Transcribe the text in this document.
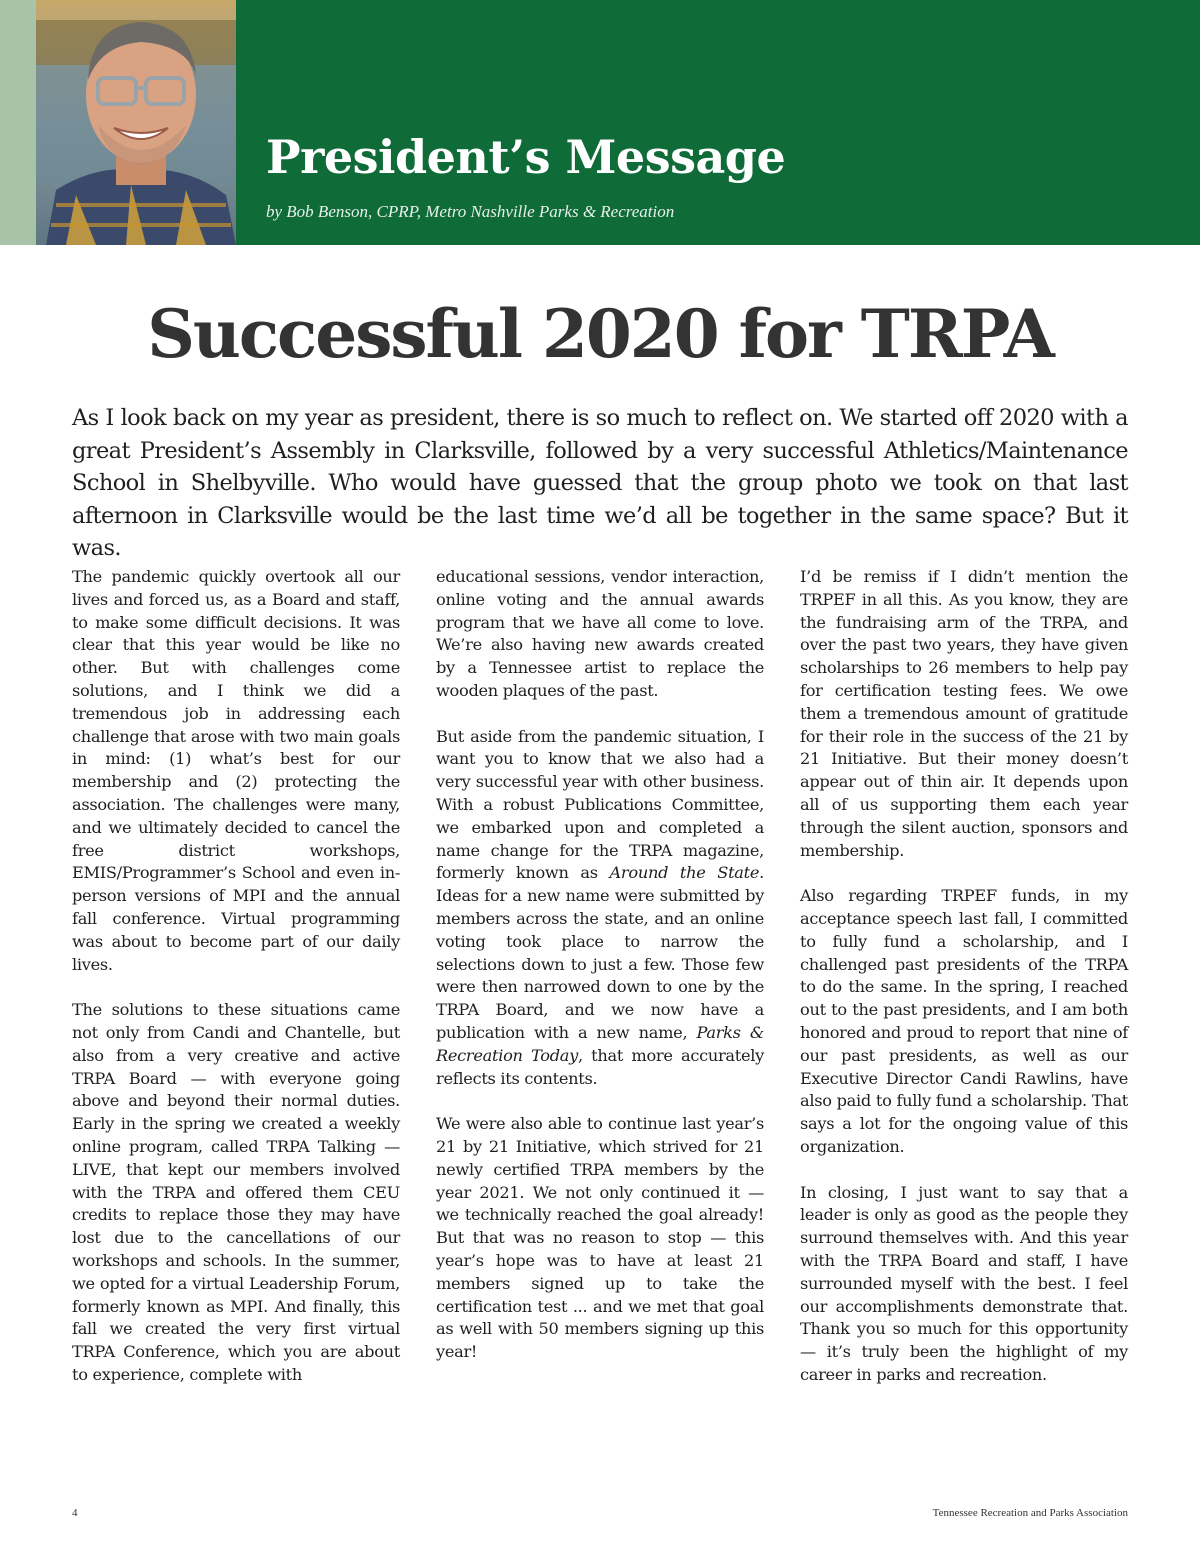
President’s Message
by Bob Benson, CPRP, Metro Nashville Parks & Recreation
Successful 2020 for TRPA

As I look back on my year as president, there is so much to reflect on. We started off 2020 with a great President’s Assembly in Clarksville, followed by a very successful Athletics/Maintenance School in Shelbyville. Who would have guessed that the group photo we took on that last afternoon in Clarksville would be the last time we’d all be together in the same space? But it was.

The pandemic quickly overtook all our lives and forced us, as a Board and staff, to make some difficult decisions. It was clear that this year would be like no other. But with challenges come solutions, and I think we did a tremendous job in addressing each challenge that arose with two main goals in mind: (1) what’s best for our membership and (2) protecting the association. The challenges were many, and we ultimately decided to cancel the free district workshops, EMIS/Programmer’s School and even in-person versions of MPI and the annual fall conference. Virtual programming was about to become part of our daily lives.

The solutions to these situations came not only from Candi and Chantelle, but also from a very creative and active TRPA Board — with everyone going above and beyond their normal duties. Early in the spring we created a weekly online program, called TRPA Talking — LIVE, that kept our members involved with the TRPA and offered them CEU credits to replace those they may have lost due to the cancellations of our workshops and schools. In the summer, we opted for a virtual Leadership Forum, formerly known as MPI. And finally, this fall we created the very first virtual TRPA Conference, which you are about to experience, complete with

educational sessions, vendor interaction, online voting and the annual awards program that we have all come to love. We’re also having new awards created by a Tennessee artist to replace the wooden plaques of the past.

But aside from the pandemic situation, I want you to know that we also had a very successful year with other business. With a robust Publications Committee, we embarked upon and completed a name change for the TRPA magazine, formerly known as Around the State. Ideas for a new name were submitted by members across the state, and an online voting took place to narrow the selections down to just a few. Those few were then narrowed down to one by the TRPA Board, and we now have a publication with a new name, Parks & Recreation Today, that more accurately reflects its contents.

We were also able to continue last year’s 21 by 21 Initiative, which strived for 21 newly certified TRPA members by the year 2021. We not only continued it — we technically reached the goal already! But that was no reason to stop — this year’s hope was to have at least 21 members signed up to take the certification test ... and we met that goal as well with 50 members signing up this year!

I’d be remiss if I didn’t mention the TRPEF in all this. As you know, they are the fundraising arm of the TRPA, and over the past two years, they have given scholarships to 26 members to help pay for certification testing fees. We owe them a tremendous amount of gratitude for their role in the success of the 21 by 21 Initiative. But their money doesn’t appear out of thin air. It depends upon all of us supporting them each year through the silent auction, sponsors and membership.

Also regarding TRPEF funds, in my acceptance speech last fall, I committed to fully fund a scholarship, and I challenged past presidents of the TRPA to do the same. In the spring, I reached out to the past presidents, and I am both honored and proud to report that nine of our past presidents, as well as our Executive Director Candi Rawlins, have also paid to fully fund a scholarship. That says a lot for the ongoing value of this organization.

In closing, I just want to say that a leader is only as good as the people they surround themselves with. And this year with the TRPA Board and staff, I have surrounded myself with the best. I feel our accomplishments demonstrate that. Thank you so much for this opportunity — it’s truly been the highlight of my career in parks and recreation.

4	Tennessee Recreation and Parks Association
